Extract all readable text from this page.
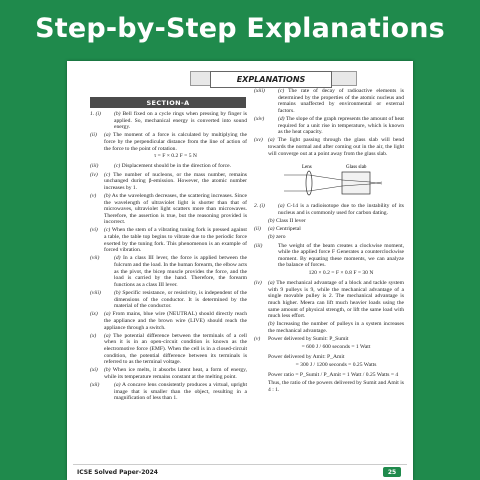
Step-by-Step Explanations
EXPLANATIONS
SECTION-A
1. (i)	(b) Bell fixed on a cycle rings when pressing by finger is applied. So, mechanical energy is converted into sound energy.
(ii)	(a) The moment of a force is calculated by multiplying the force by the perpendicular distance from the line of action of the force to the point of rotation.
τ = F × 0.2 F = 5 N
(iii)	(c) Displacement should be in the direction of force.
(iv)	(c) The number of nucleons, or the mass number, remains unchanged during β-emission. However, the atomic number increases by 1.
(v)	(b) As the wavelength decreases, the scattering increases. Since the wavelength of ultraviolet light is shorter than that of microwaves, ultraviolet light scatters more than microwaves. Therefore, the assertion is true, but the reasoning provided is incorrect.
(vi)	(c) When the stem of a vibrating tuning fork is pressed against a table, the table top begins to vibrate due to the periodic force exerted by the tuning fork. This phenomenon is an example of forced vibration.
(vii)	(d) In a class III lever, the force is applied between the fulcrum and the load. In the human forearm, the elbow acts as the pivot, the bicep muscle provides the force, and the load is carried by the hand. Therefore, the forearm functions as a class III lever.
(viii)	(b) Specific resistance, or resistivity, is independent of the dimensions of the conductor. It is determined by the material of the conductor.
(ix)	(a) From mains, blue wire (NEUTRAL) should directly reach the appliance and the brown wire (LIVE) should reach the appliance through a switch.
(x)	(a) The potential difference between the terminals of a cell when it is in an open-circuit condition is known as the electromotive force (EMF). When the cell is in a closed-circuit condition, the potential difference between its terminals is referred to as the terminal voltage.
(xi)	(b) When ice melts, it absorbs latent heat, a form of energy, while its temperature remains constant at the melting point.
(xii)	(a) A concave lens consistently produces a virtual, upright image that is smaller than the object, resulting in a magnification of less than 1.
(xiii)	(c) The rate of decay of radioactive elements is determined by the properties of the atomic nucleus and remains unaffected by environmental or external factors.
(xiv)	(d) The slope of the graph represents the amount of heat required for a unit rise in temperature, which is known as the heat capacity.
(xv) (a) The light passing through the glass slab will bend towards the normal and after coming out in the air, the light will converge out at a point away from the glass slab.
Lens	Glass slab
2. (i)	(a) C-14 is a radioisotope due to the instability of its nucleus and is commonly used for carbon dating.
(b) Class II lever
(ii)	(a) Centripetal
(b) zero
(iii)	The weight of the beam creates a clockwise moment, while the applied force F Generates a counterclockwise moment. By equating these moments, we can analyze the balance of forces.
120 × 0.2 = F × 0.8 F = 30 N
(iv)	(a) The mechanical advantage of a block and tackle system with 9 pulleys is 9, while the mechanical advantage of a single movable pulley is 2. The mechanical advantage is much higher. Meera can lift much heavier loads using the same amount of physical strength, or lift the same load with much less effort.
(b) Increasing the number of pulleys in a system increases the mechanical advantage.
(v)	Power delivered by Sumit: P_Sumit
= 600 J / 600 seconds = 1 Watt
Power delivered by Amit: P_Amit
= 300 J / 1200 seconds = 0.25 Watts
Power ratio = P_Sumit / P_Amit = 1 Watt / 0.25 Watts = 4
Thus, the ratio of the powers delivered by Sumit and Amit is 4 : 1.
ICSE Solved Paper-2024	25
